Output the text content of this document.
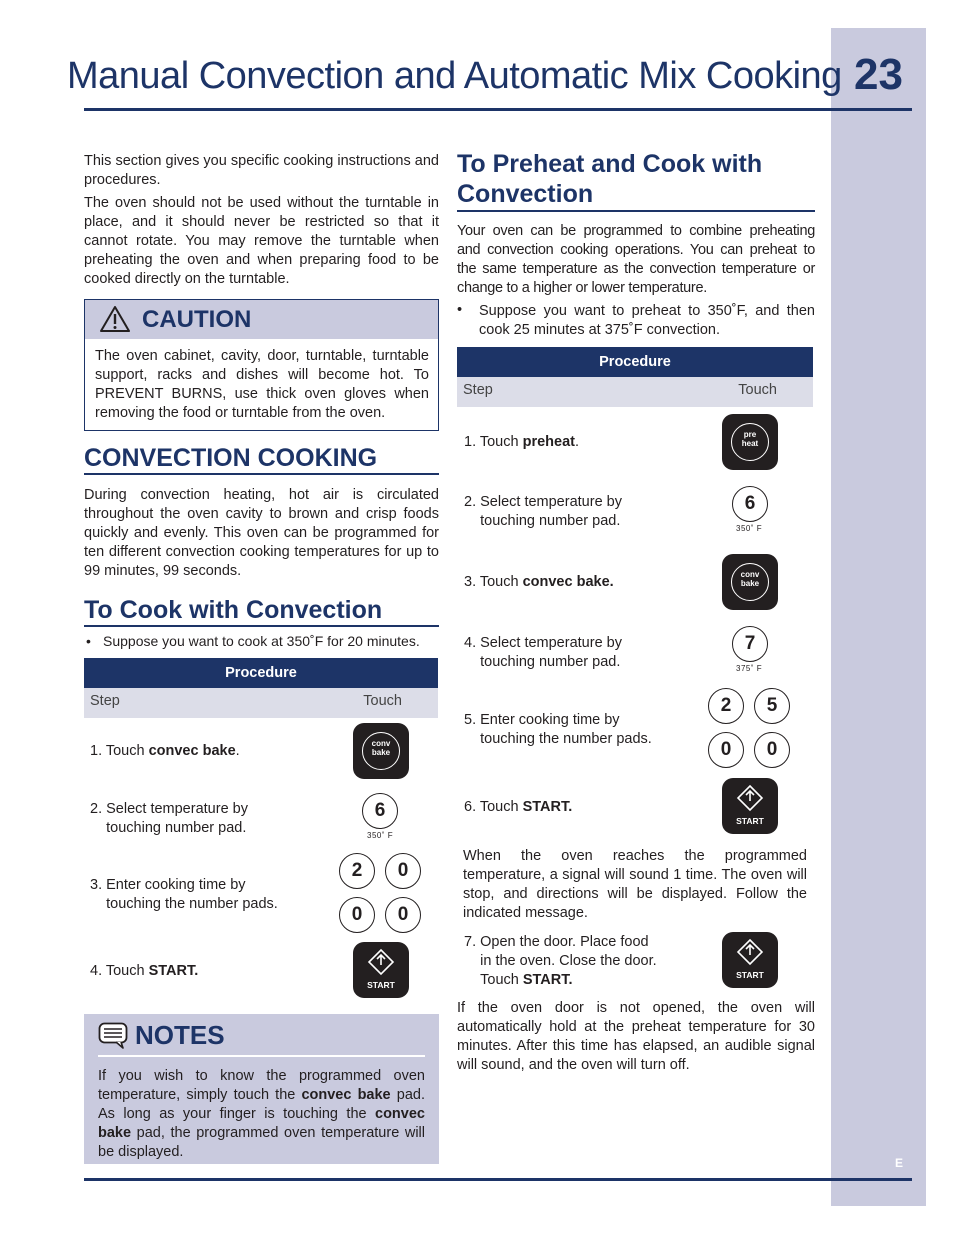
23
Manual Convection and Automatic Mix Cooking
E

This section gives you specific cooking instructions and procedures.

The oven should not be used without the turntable in place, and it should never be restricted so that it cannot rotate. You may remove the turntable when preheating the oven and when preparing food to be cooked directly on the turntable.

CAUTION

The oven cabinet, cavity, door, turntable, turntable support, racks and dishes will become hot. To PREVENT BURNS, use thick oven gloves when removing the food or turntable from the oven.

CONVECTION COOKING

During convection heating, hot air is circulated throughout the oven cavity to brown and crisp foods quickly and evenly. This oven can be programmed for ten different convection cooking temperatures for up to 99 minutes, 99 seconds.

To Cook with Convection
• Suppose you want to cook at 350˚F for 20 minutes.
Procedure
Step	Touch
1. Touch convec bake.	conv
bake
2. Select temperature by
touching number pad.
6
350˚ F
3. Enter cooking time by
touching the number pads.
2	0
0	0
4. Touch START.
START
NOTES

If you wish to know the programmed oven temperature, simply touch the convec bake pad. As long as your finger is touching the convec bake pad, the programmed oven temperature will be displayed.

To Preheat and Cook with
Convection

Your oven can be programmed to combine preheating and convection cooking operations. You can preheat to the same temperature as the convection temperature or change to a higher or lower temperature.

• Suppose you want to preheat to 350˚F, and then cook 25 minutes at 375˚F convection.

Procedure
Step	Touch
1. Touch preheat.	pre
heat
2. Select temperature by
touching number pad.
6
350˚ F
3. Touch convec bake.	conv
bake
4. Select temperature by
touching number pad.
7
375˚ F
5. Enter cooking time by
touching the number pads.
2	5
0	0
6. Touch START.
START

When the oven reaches the programmed temperature, a signal will sound 1 time. The oven will stop, and directions will be displayed. Follow the indicated message.

7. Open the door. Place food
in the oven. Close the door.
Touch START.	START

If the oven door is not opened, the oven will automatically hold at the preheat temperature for 30 minutes. After this time has elapsed, an audible signal will sound, and the oven will turn off.
